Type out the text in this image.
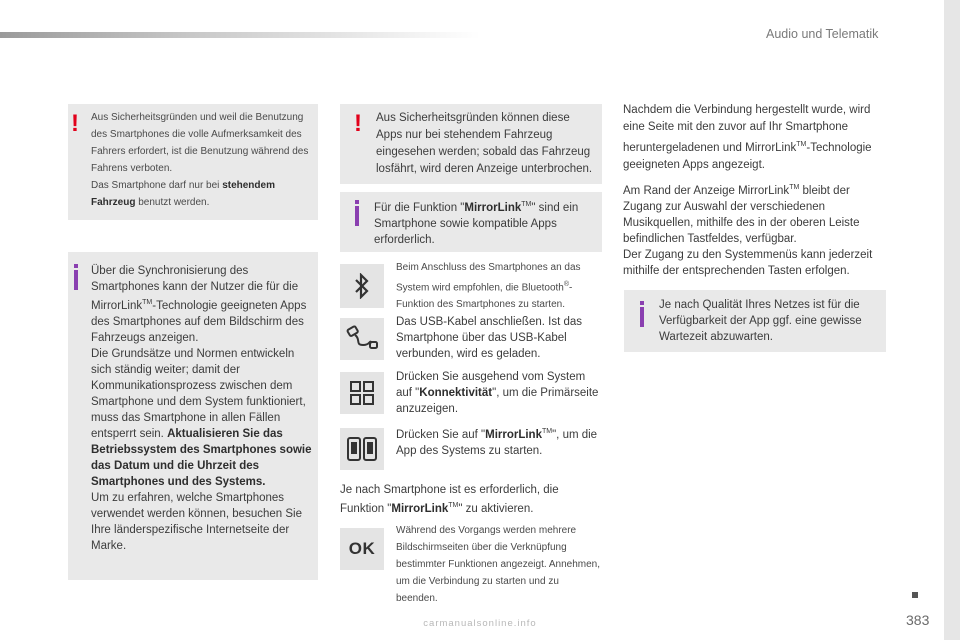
Audio und Telematik
! Aus Sicherheitsgründen und weil die Benutzung des Smartphones die volle Aufmerksamkeit des Fahrers erfordert, ist die Benutzung während des Fahrens verboten.
Das Smartphone darf nur bei stehendem Fahrzeug benutzt werden.
Über die Synchronisierung des Smartphones kann der Nutzer die für die MirrorLink™-Technologie geeigneten Apps des Smartphones auf dem Bildschirm des Fahrzeugs anzeigen.
Die Grundsätze und Normen entwickeln sich ständig weiter; damit der Kommunikationsprozess zwischen dem Smartphone und dem System funktioniert, muss das Smartphone in allen Fällen entsperrt sein. Aktualisieren Sie das Betriebssystem des Smartphones sowie das Datum und die Uhrzeit des Smartphones und des Systems.
Um zu erfahren, welche Smartphones verwendet werden können, besuchen Sie Ihre länderspezifische Internetseite der Marke.
! Aus Sicherheitsgründen können diese Apps nur bei stehendem Fahrzeug eingesehen werden; sobald das Fahrzeug losfährt, wird deren Anzeige unterbrochen.
Für die Funktion "MirrorLink™" sind ein Smartphone sowie kompatible Apps erforderlich.
Beim Anschluss des Smartphones an das System wird empfohlen, die Bluetooth®-Funktion des Smartphones zu starten.
Das USB-Kabel anschließen. Ist das Smartphone über das USB-Kabel verbunden, wird es geladen.
Drücken Sie ausgehend vom System auf "Konnektivität", um die Primärseite anzuzeigen.
Drücken Sie auf "MirrorLink™", um die App des Systems zu starten.
Je nach Smartphone ist es erforderlich, die Funktion "MirrorLink™" zu aktivieren.
OK
Während des Vorgangs werden mehrere Bildschirmseiten über die Verknüpfung bestimmter Funktionen angezeigt. Annehmen, um die Verbindung zu starten und zu beenden.
Nachdem die Verbindung hergestellt wurde, wird eine Seite mit den zuvor auf Ihr Smartphone heruntergeladenen und MirrorLink™-Technologie geeigneten Apps angezeigt.
Am Rand der Anzeige MirrorLink™ bleibt der Zugang zur Auswahl der verschiedenen Musikquellen, mithilfe des in der oberen Leiste befindlichen Tastfeldes, verfügbar.
Der Zugang zu den Systemmenüs kann jederzeit mithilfe der entsprechenden Tasten erfolgen.
Je nach Qualität Ihres Netzes ist für die Verfügbarkeit der App ggf. eine gewisse Wartezeit abzuwarten.
383
carmanualsonline.info
